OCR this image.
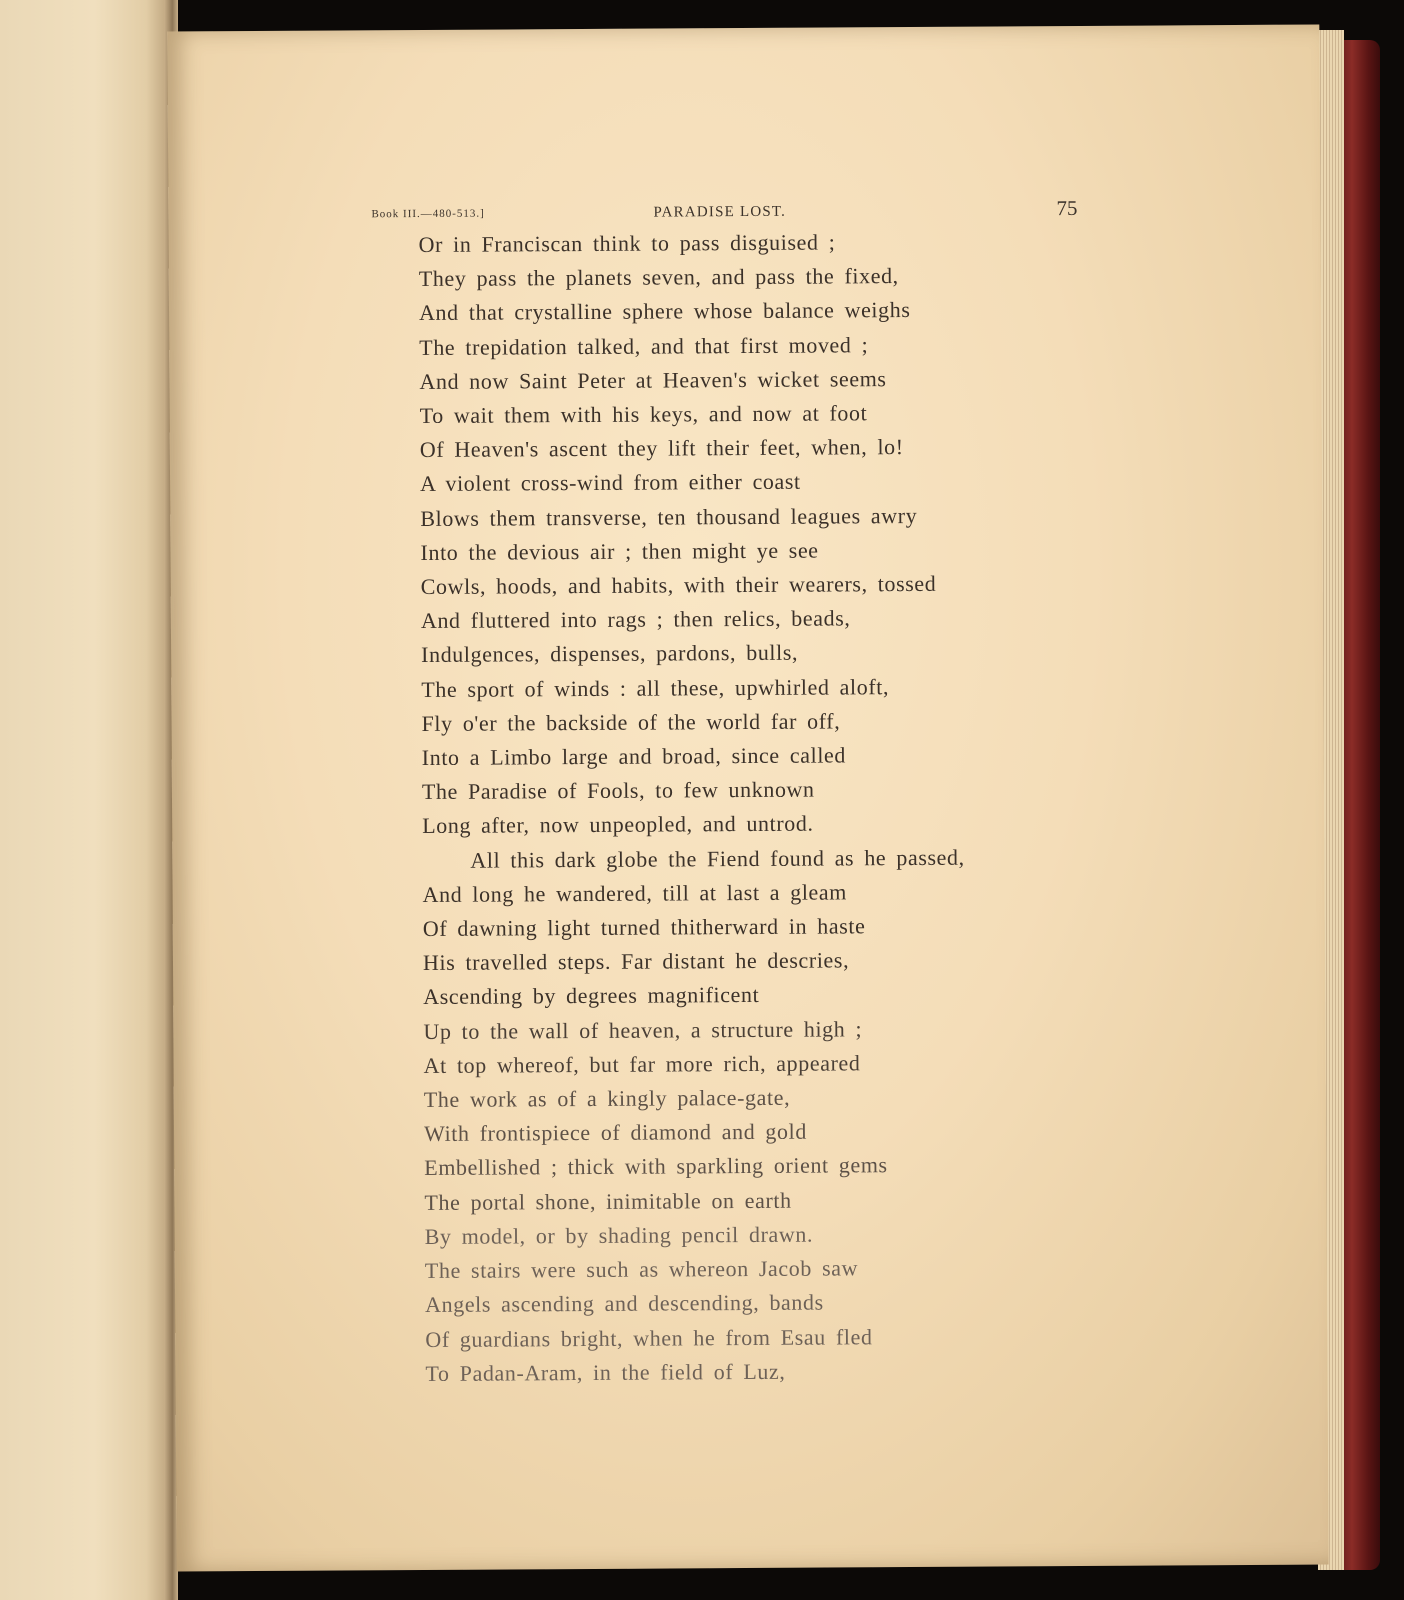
Book III.—480-513.]	PARADISE LOST.	75
Or in Franciscan think to pass disguised ;
They pass the planets seven, and pass the fixed,
And that crystalline sphere whose balance weighs
The trepidation talked, and that first moved ;
And now Saint Peter at Heaven's wicket seems
To wait them with his keys, and now at foot
Of Heaven's ascent they lift their feet, when, lo!
A violent cross-wind from either coast
Blows them transverse, ten thousand leagues awry
Into the devious air ; then might ye see
Cowls, hoods, and habits, with their wearers, tossed
And fluttered into rags ; then relics, beads,
Indulgences, dispenses, pardons, bulls,
The sport of winds : all these, upwhirled aloft,
Fly o'er the backside of the world far off,
Into a Limbo large and broad, since called
The Paradise of Fools, to few unknown
Long after, now unpeopled, and untrod.
All this dark globe the Fiend found as he passed,
And long he wandered, till at last a gleam
Of dawning light turned thitherward in haste
His travelled steps. Far distant he descries,
Ascending by degrees magnificent
Up to the wall of heaven, a structure high ;
At top whereof, but far more rich, appeared
The work as of a kingly palace-gate,
With frontispiece of diamond and gold
Embellished ; thick with sparkling orient gems
The portal shone, inimitable on earth
By model, or by shading pencil drawn.
The stairs were such as whereon Jacob saw
Angels ascending and descending, bands
Of guardians bright, when he from Esau fled
To Padan-Aram, in the field of Luz,
